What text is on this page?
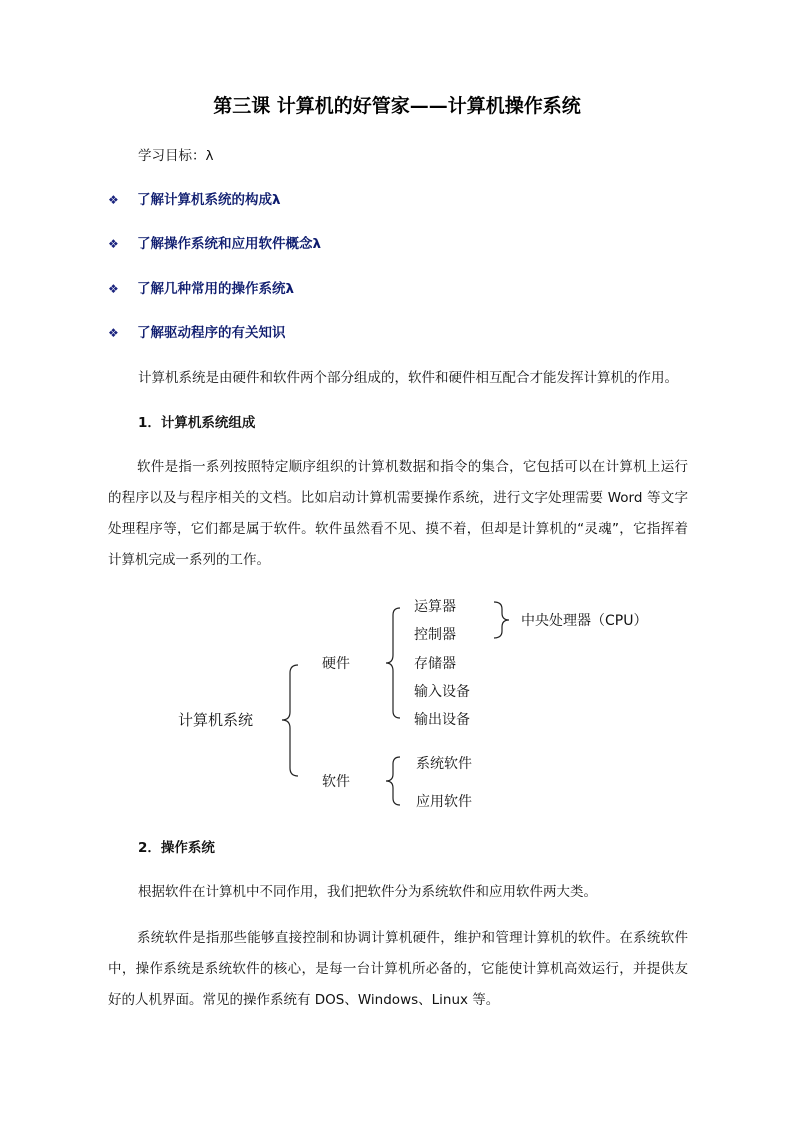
第三课 计算机的好管家——计算机操作系统
学习目标：λ
❖ 了解计算机系统的构成λ
❖ 了解操作系统和应用软件概念λ
❖ 了解几种常用的操作系统λ
❖ 了解驱动程序的有关知识
计算机系统是由硬件和软件两个部分组成的，软件和硬件相互配合才能发挥计算机的作用。
1．计算机系统组成

软件是指一系列按照特定顺序组织的计算机数据和指令的集合，它包括可以在计算机上运行的程序以及与程序相关的文档。比如启动计算机需要操作系统，进行文字处理需要 Word 等文字处理程序等，它们都是属于软件。软件虽然看不见、摸不着，但却是计算机的“灵魂”，它指挥着计算机完成一系列的工作。

计算机系统
硬件
运算器
控制器
存储器
输入设备
输出设备
中央处理器（CPU）
软件
系统软件
应用软件
2．操作系统
根据软件在计算机中不同作用，我们把软件分为系统软件和应用软件两大类。

系统软件是指那些能够直接控制和协调计算机硬件，维护和管理计算机的软件。在系统软件中，操作系统是系统软件的核心，是每一台计算机所必备的，它能使计算机高效运行，并提供友好的人机界面。常见的操作系统有 DOS、Windows、Linux 等。
